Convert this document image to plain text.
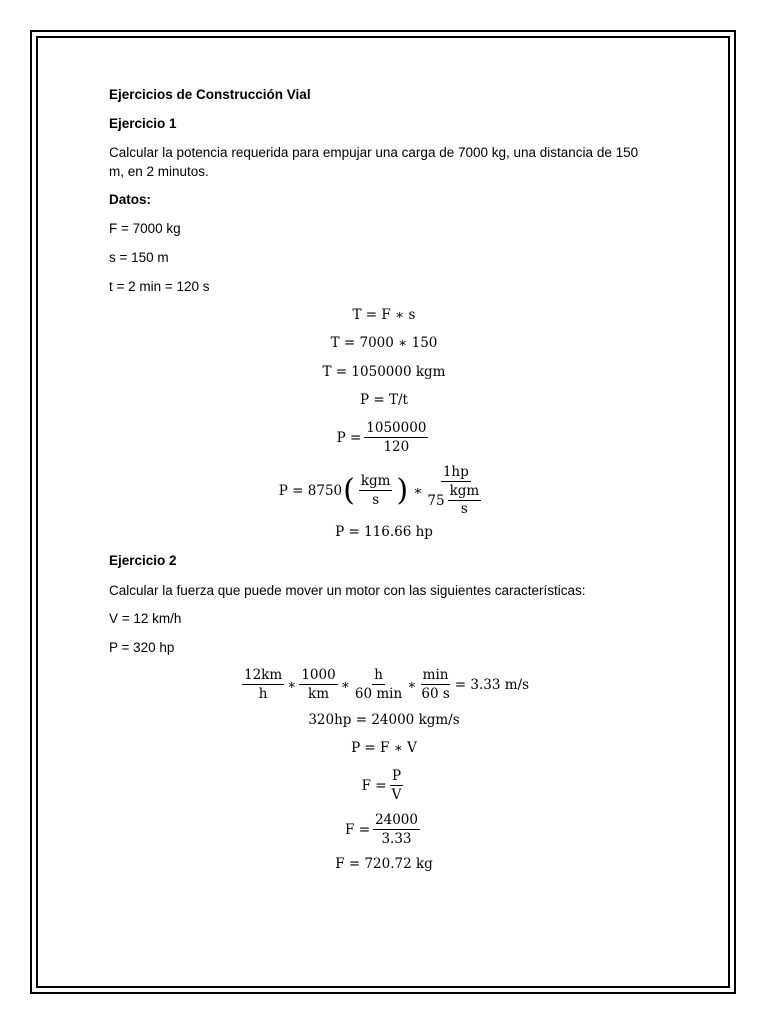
Ejercicios de Construcción Vial
Ejercicio 1
Calcular la potencia requerida para empujar una carga de 7000 kg, una distancia de 150
m, en 2 minutos.
Datos:
F = 7000 kg
s = 150 m
t = 2 min = 120 s
T = F ∗ s
T = 7000 ∗ 150
T = 1050000 kgm
P = T/t
$P = \frac{1050000}{120}$
P = 8750 ( $\frac{\text{kgm}}{s}$ ) ∗ $\frac{1hp}{75 \frac{\text{kgm}}{s}}$
P = 116.66 hp
Ejercicio 2
Calcular la fuerza que puede mover un motor con las siguientes características:
V = 12 km/h
P = 320 hp
$\frac{12km}{h}$ ∗ $\frac{1000}{km}$ ∗ $\frac{h}{60 \min}$ ∗ $\frac{\min}{60 s} = 3.33$ m/s
320hp = 24000 kgm/s
P = F ∗ V
$F = \frac{P}{V}$
$F = \frac{24000}{3.33}$
F = 720.72 kg
